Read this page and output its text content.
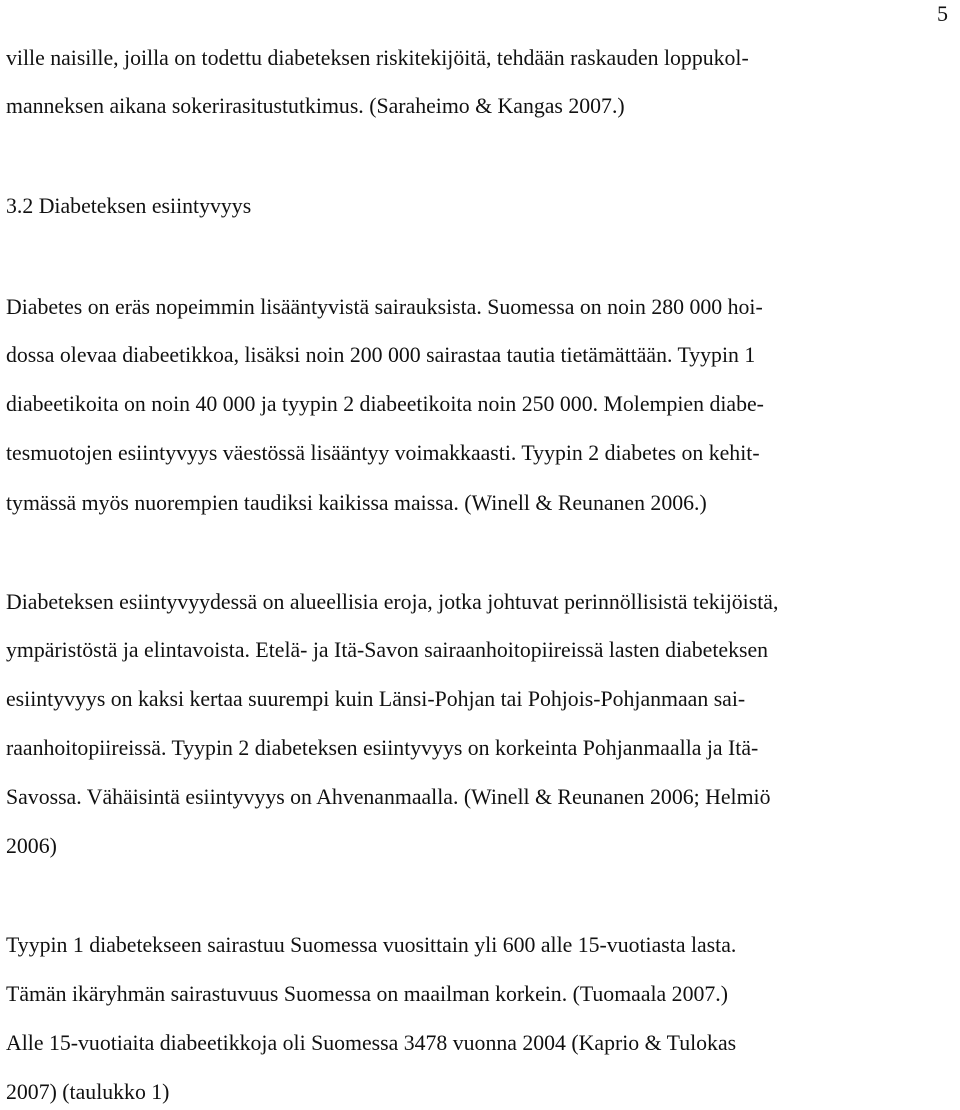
5
ville naisille, joilla on todettu diabeteksen riskitekijöitä, tehdään raskauden loppukol-
manneksen aikana sokerirasitustutkimus. (Saraheimo & Kangas 2007.)
3.2 Diabeteksen esiintyvyys
Diabetes on eräs nopeimmin lisääntyvistä sairauksista. Suomessa on noin 280 000 hoi-
dossa olevaa diabeetikkoa, lisäksi noin 200 000 sairastaa tautia tietämättään. Tyypin 1
diabeetikoita on noin 40 000 ja tyypin 2 diabeetikoita noin 250 000. Molempien diabe-
tesmuotojen esiintyvyys väestössä lisääntyy voimakkaasti. Tyypin 2 diabetes on kehit-
tymässä myös nuorempien taudiksi kaikissa maissa. (Winell & Reunanen 2006.)
Diabeteksen esiintyvyydessä on alueellisia eroja, jotka johtuvat perinnöllisistä tekijöistä,
ympäristöstä ja elintavoista. Etelä- ja Itä-Savon sairaanhoitopiireissä lasten diabeteksen
esiintyvyys on kaksi kertaa suurempi kuin Länsi-Pohjan tai Pohjois-Pohjanmaan sai-
raanhoitopiireissä. Tyypin 2 diabeteksen esiintyvyys on korkeinta Pohjanmaalla ja Itä-
Savossa. Vähäisintä esiintyvyys on Ahvenanmaalla. (Winell & Reunanen 2006; Helmiö
2006)
Tyypin 1 diabetekseen sairastuu Suomessa vuosittain yli 600 alle 15-vuotiasta lasta.
Tämän ikäryhmän sairastuvuus Suomessa on maailman korkein. (Tuomaala 2007.)
Alle 15-vuotiaita diabeetikkoja oli Suomessa 3478 vuonna 2004 (Kaprio & Tulokas
2007) (taulukko 1)
